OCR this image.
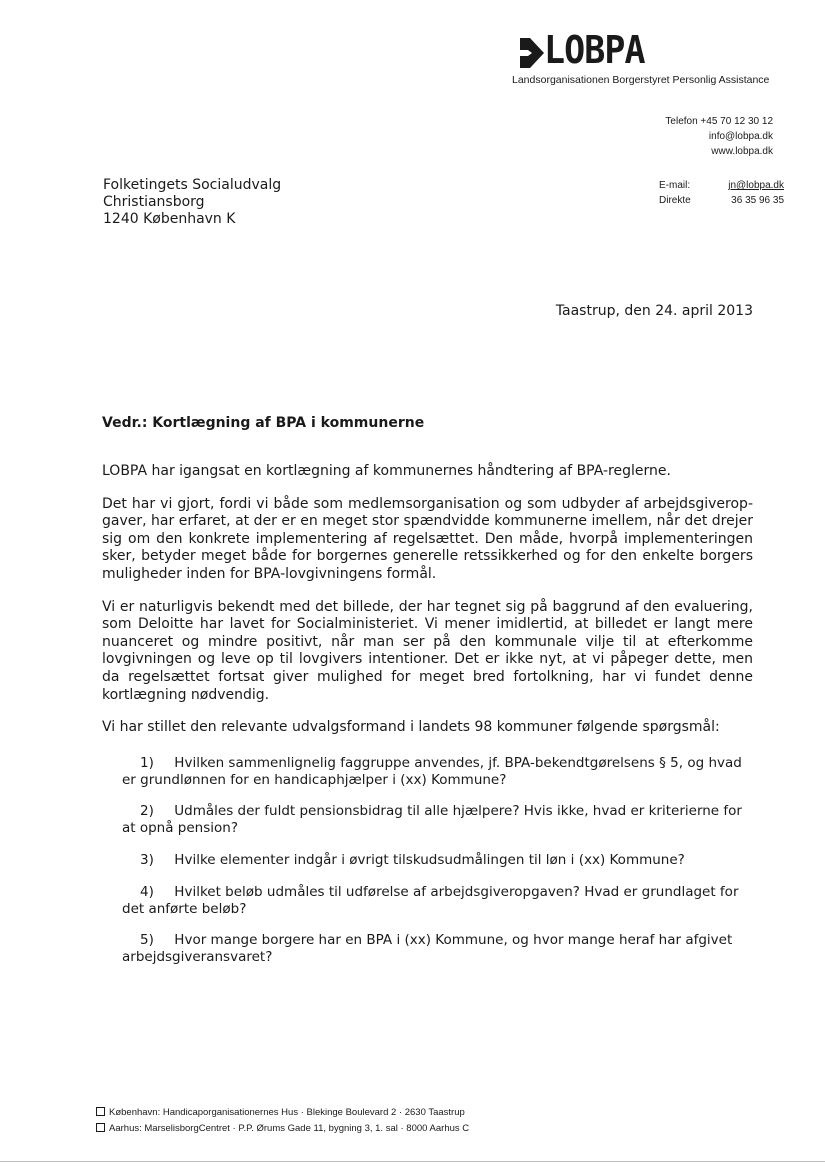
LOBPA
Landsorganisationen Borgerstyret Personlig Assistance
Telefon +45 70 12 30 12
info@lobpa.dk
www.lobpa.dk
E-mail:	jn@lobpa.dk
Direkte	36 35 96 35
Folketingets Socialudvalg
Christiansborg
1240 København K
Taastrup, den 24. april 2013
Vedr.: Kortlægning af BPA i kommunerne

LOBPA har igangsat en kortlægning af kommunernes håndtering af BPA-reglerne.

Det har vi gjort, fordi vi både som medlemsorganisation og som udbyder af arbejdsgiveropgaver, har erfaret, at der er en meget stor spændvidde kommunerne imellem, når det drejer sig om den konkrete implementering af regelsættet. Den måde, hvorpå implementeringen sker, betyder meget både for borgernes generelle retssikkerhed og for den enkelte borgers muligheder inden for BPA-lovgivningens formål.

Vi er naturligvis bekendt med det billede, der har tegnet sig på baggrund af den evaluering, som Deloitte har lavet for Socialministeriet. Vi mener imidlertid, at billedet er langt mere nuanceret og mindre positivt, når man ser på den kommunale vilje til at efterkomme lovgivningen og leve op til lovgivers intentioner. Det er ikke nyt, at vi påpeger dette, men da regelsættet fortsat giver mulighed for meget bred fortolkning, har vi fundet denne kortlægning nødvendig.

Vi har stillet den relevante udvalgsformand i landets 98 kommuner følgende spørgsmål:

1) Hvilken sammenlignelig faggruppe anvendes, jf. BPA-bekendtgørelsens § 5, og hvad er grundlønnen for en handicaphjælper i (xx) Kommune?
2) Udmåles der fuldt pensionsbidrag til alle hjælpere? Hvis ikke, hvad er kriterierne for at opnå pension?
3) Hvilke elementer indgår i øvrigt tilskudsudmålingen til løn i (xx) Kommune?
4) Hvilket beløb udmåles til udførelse af arbejdsgiveropgaven? Hvad er grundlaget for det anførte beløb?
5) Hvor mange borgere har en BPA i (xx) Kommune, og hvor mange heraf har afgivet arbejdsgiveransvaret?
København: Handicaporganisationernes Hus · Blekinge Boulevard 2 · 2630 Taastrup
Aarhus: MarselisborgCentret · P.P. Ørums Gade 11, bygning 3, 1. sal · 8000 Aarhus C
